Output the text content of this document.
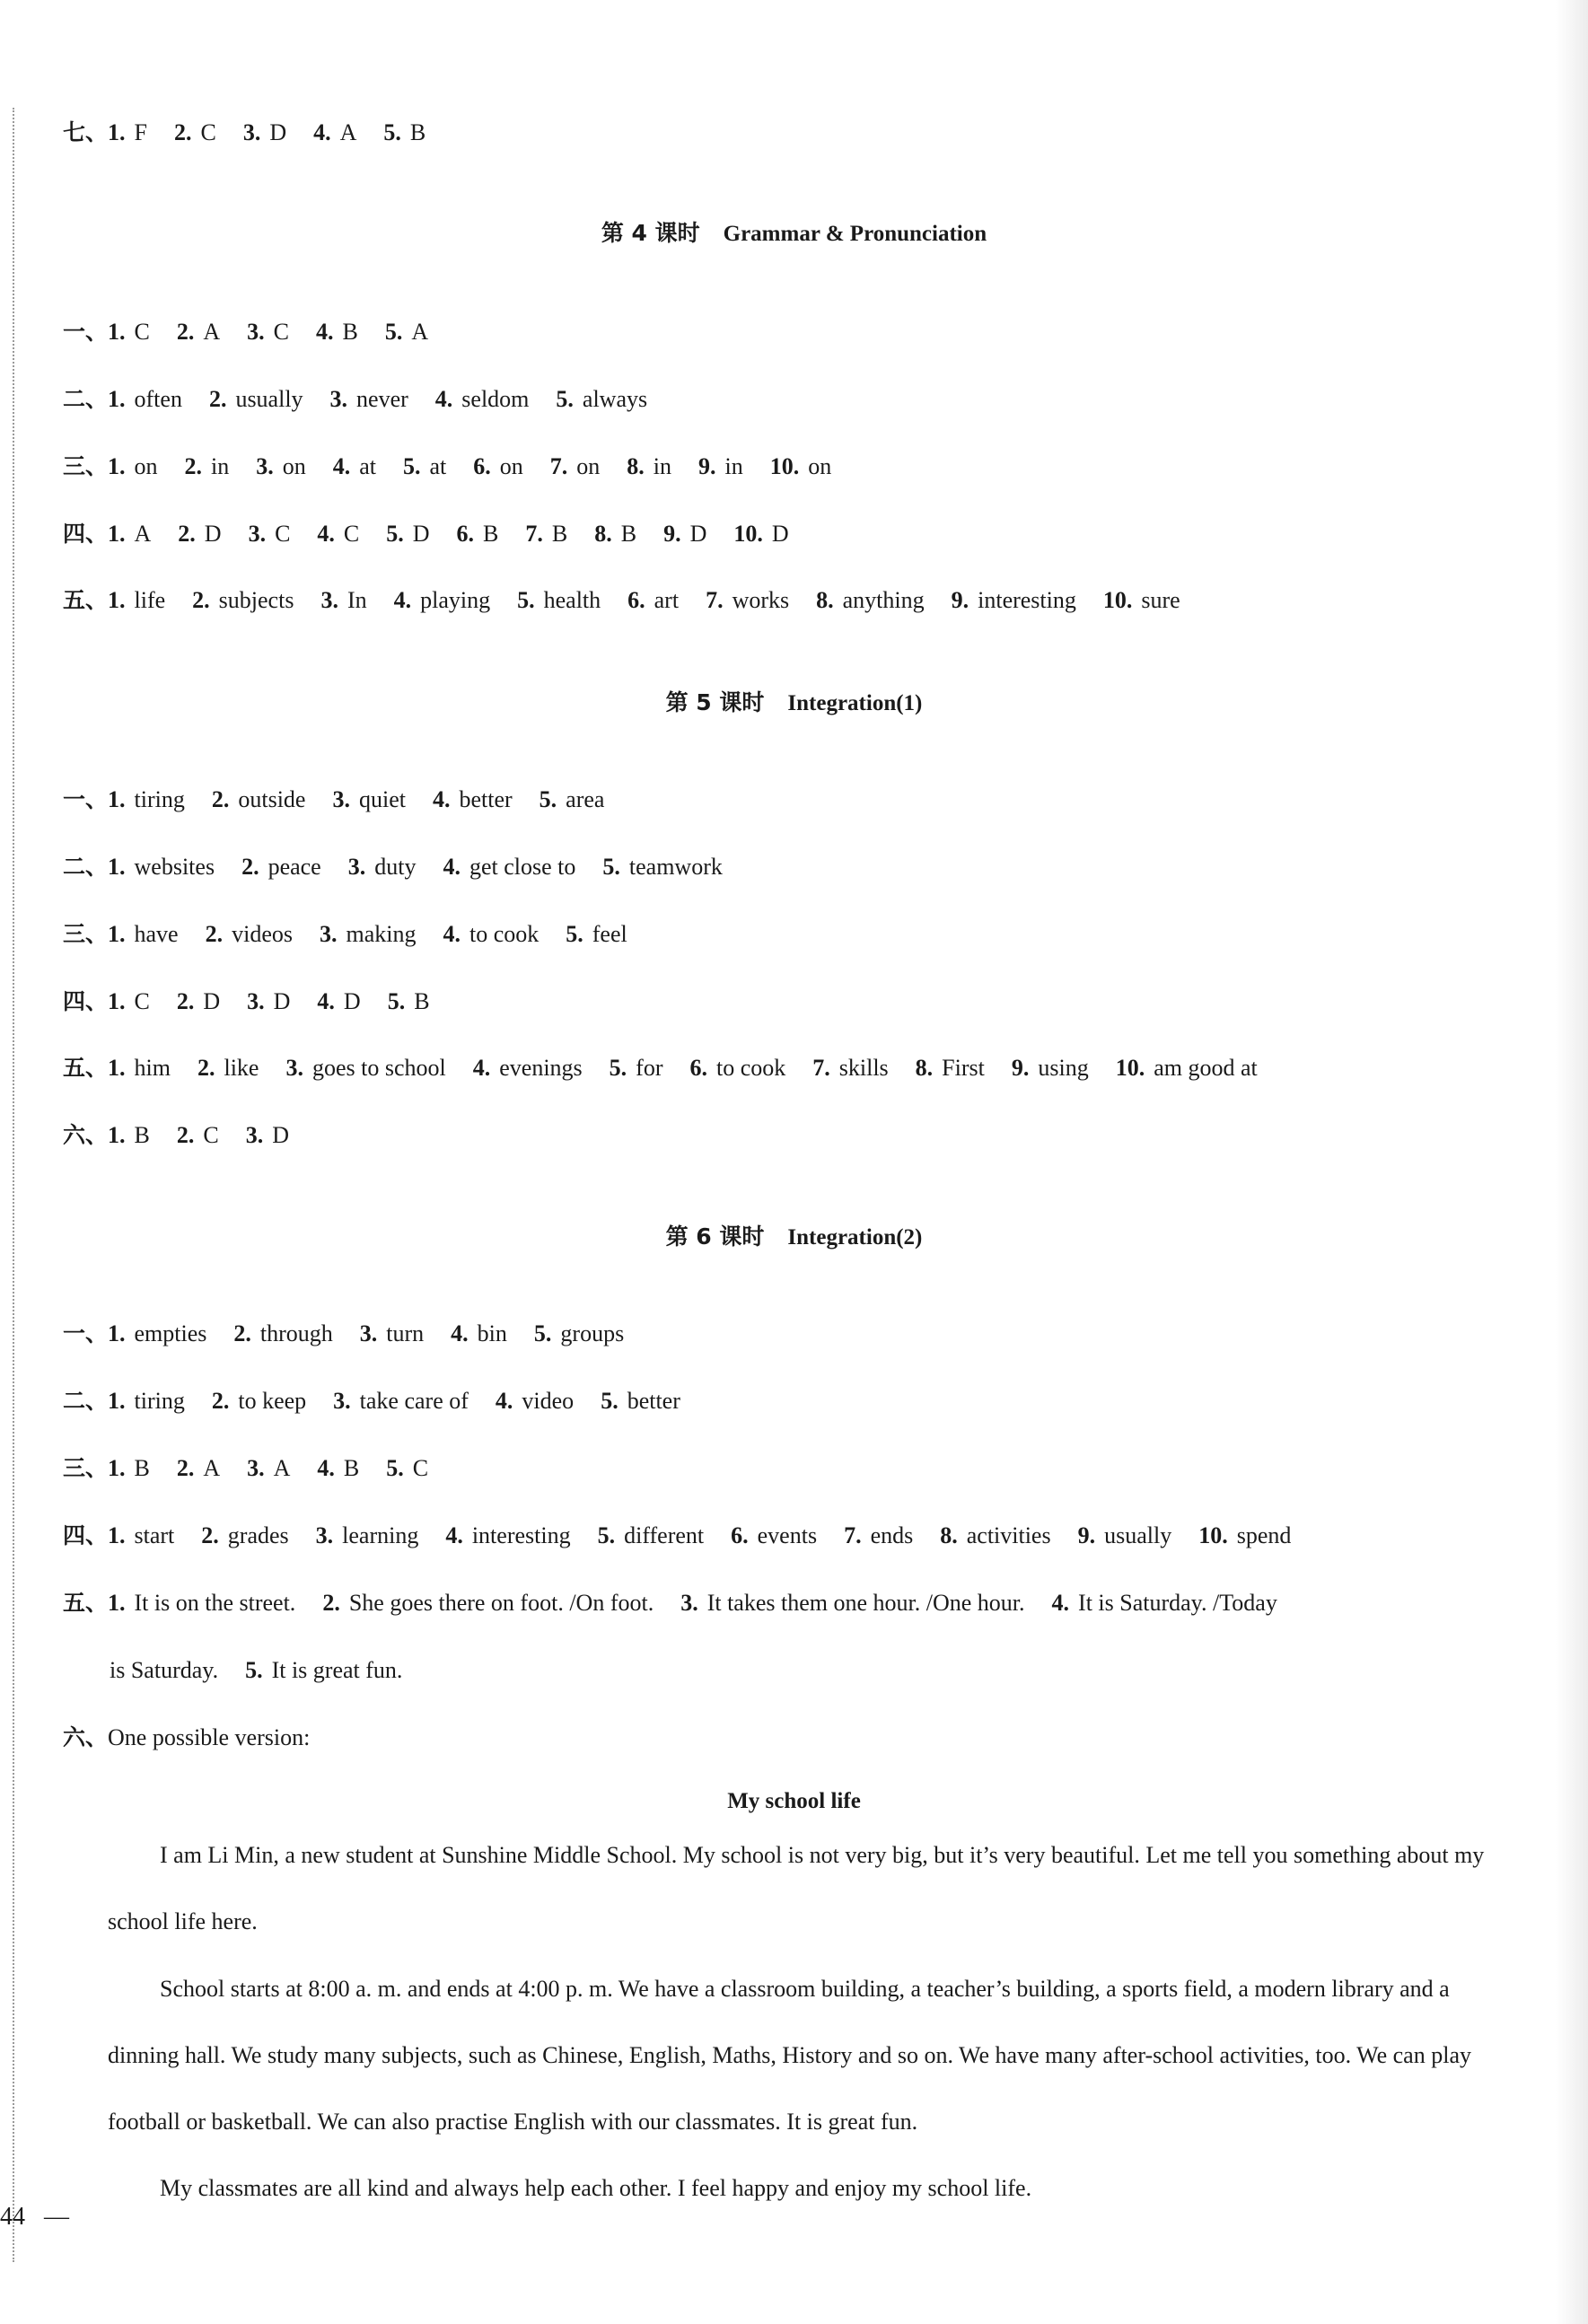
七、1. F 2. C 3. D 4. A 5. B
第 4 课时 Grammar & Pronunciation
一、1. C 2. A 3. C 4. B 5. A
二、1. often 2. usually 3. never 4. seldom 5. always
三、1. on 2. in 3. on 4. at 5. at 6. on 7. on 8. in 9. in 10. on
四、1. A 2. D 3. C 4. C 5. D 6. B 7. B 8. B 9. D 10. D
五、1. life 2. subjects 3. In 4. playing 5. health 6. art 7. works 8. anything 9. interesting 10. sure
第 5 课时 Integration(1)
一、1. tiring 2. outside 3. quiet 4. better 5. area
二、1. websites 2. peace 3. duty 4. get close to 5. teamwork
三、1. have 2. videos 3. making 4. to cook 5. feel
四、1. C 2. D 3. D 4. D 5. B
五、1. him 2. like 3. goes to school 4. evenings 5. for 6. to cook 7. skills 8. First 9. using 10. am good at
六、1. B 2. C 3. D
第 6 课时 Integration(2)
一、1. empties 2. through 3. turn 4. bin 5. groups
二、1. tiring 2. to keep 3. take care of 4. video 5. better
三、1. B 2. A 3. A 4. B 5. C
四、1. start 2. grades 3. learning 4. interesting 5. different 6. events 7. ends 8. activities 9. usually 10. spend
五、1. It is on the street. 2. She goes there on foot. /On foot. 3. It takes them one hour. /One hour. 4. It is Saturday. /Today
is Saturday. 5. It is great fun.
六、One possible version:
My school life
I am Li Min, a new student at Sunshine Middle School. My school is not very big, but it’s very beautiful. Let me tell you something about my school life here.
School starts at 8:00 a. m. and ends at 4:00 p. m. We have a classroom building, a teacher’s building, a sports field, a modern library and a dinning hall. We study many subjects, such as Chinese, English, Maths, History and so on. We have many after-school activities, too. We can play football or basketball. We can also practise English with our classmates. It is great fun.
My classmates are all kind and always help each other. I feel happy and enjoy my school life.
44 —
